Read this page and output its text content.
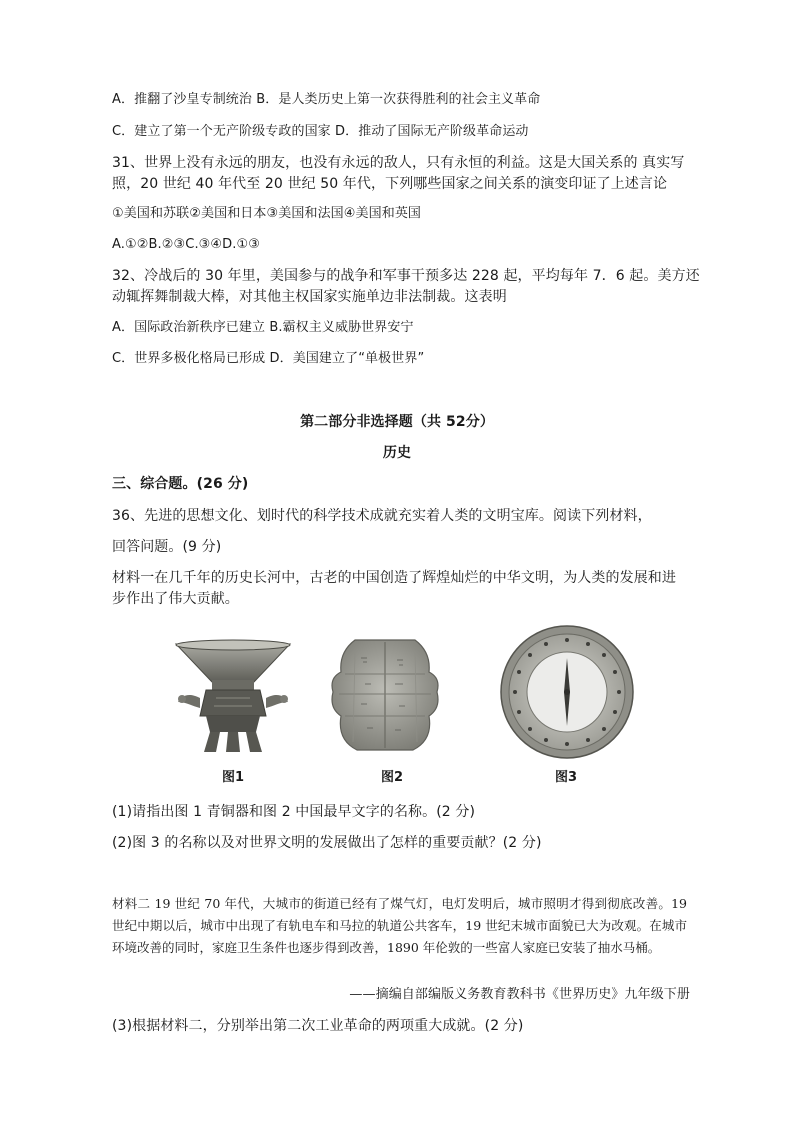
A．推翻了沙皇专制统治 B．是人类历史上第一次获得胜利的社会主义革命
C．建立了第一个无产阶级专政的国家 D．推动了国际无产阶级革命运动
31、世界上没有永远的朋友，也没有永远的敌人，只有永恒的利益。这是大国关系的 真实写
照，20 世纪 40 年代至 20 世纪 50 年代，下列哪些国家之间关系的演变印证了上述言论
①美国和苏联②美国和日本③美国和法国④美国和英国
A.①②B.②③C.③④D.①③
32、冷战后的 30 年里，美国参与的战争和军事干预多达 228 起，平均每年 7．6 起。美方还
动辄挥舞制裁大棒，对其他主权国家实施单边非法制裁。这表明
A．国际政治新秩序已建立 B.霸权主义威胁世界安宁
C．世界多极化格局已形成 D．美国建立了“单极世界”
第二部分非选择题（共 52分）
历史
三、综合题。(26 分)
36、先进的思想文化、划时代的科学技术成就充实着人类的文明宝库。阅读下列材料，
回答问题。(9 分)
材料一在几千年的历史长河中，古老的中国创造了辉煌灿烂的中华文明，为人类的发展和进
步作出了伟大贡献。
图1	图2	图3
(1)请指出图 1 青铜器和图 2 中国最早文字的名称。(2 分)
(2)图 3 的名称以及对世界文明的发展做出了怎样的重要贡献？(2 分)
材料二 19 世纪 70 年代，大城市的街道已经有了煤气灯，电灯发明后，城市照明才得到彻底改善。19 世纪中期以后，城市中出现了有轨电车和马拉的轨道公共客车，19 世纪末城市面貌已大为改观。在城市环境改善的同时，家庭卫生条件也逐步得到改善，1890 年伦敦的一些富人家庭已安装了抽水马桶。
——摘编自部编版义务教育教科书《世界历史》九年级下册
(3)根据材料二，分别举出第二次工业革命的两项重大成就。(2 分)
